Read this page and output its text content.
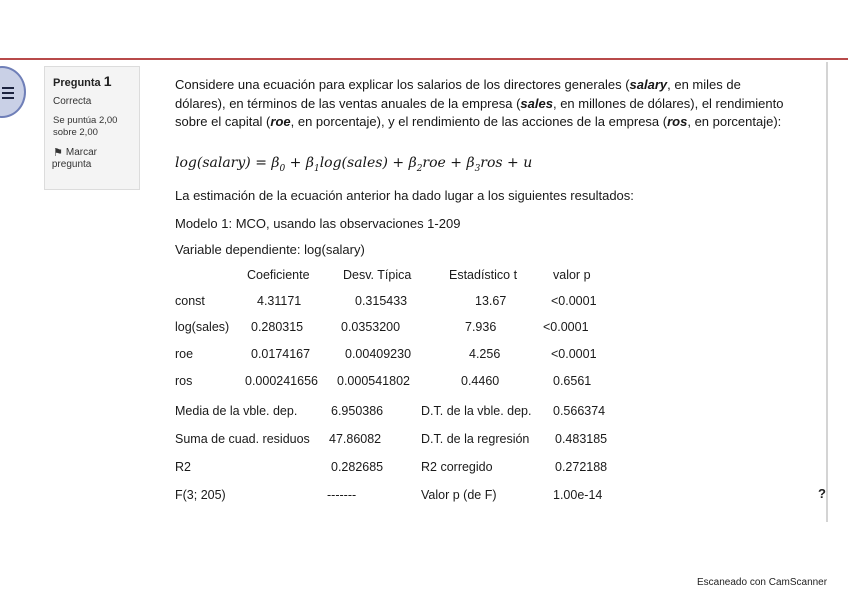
Pregunta 1
Correcta
Se puntúa 2,00
sobre 2,00
⚑ Marcar
pregunta
Considere una ecuación para explicar los salarios de los directores generales (salary, en miles de dólares), en términos de las ventas anuales de la empresa (sales, en millones de dólares), el rendimiento sobre el capital (roe, en porcentaje), y el rendimiento de las acciones de la empresa (ros, en porcentaje):
log(salary) = $\beta_0$ + $\beta_1\log(sales) + \beta_2roe + \beta_3ros + u$
La estimación de la ecuación anterior ha dado lugar a los siguientes resultados:
Modelo 1: MCO, usando las observaciones 1-209
Variable dependiente: log(salary)
Coeficiente	Desv. Típica	Estadístico t	valor p
const	4.31171	0.315433	13.67	<0.0001
log(sales) 0.280315	0.0353200	7.936	<0.0001
roe	0.0174167	0.00409230	4.256	<0.0001
ros	0.000241656 0.000541802	0.4460	0.6561
Media de la vble. dep.	6.950386	D.T. de la vble. dep. 0.566374
Suma de cuad. residuos 47.86082	D.T. de la regresión 0.483185
R2	0.282685	R2 corregido	0.272188
F(3; 205)	-------	Valor p (de F)	1.00e-14	?
Escaneado con CamScanner
